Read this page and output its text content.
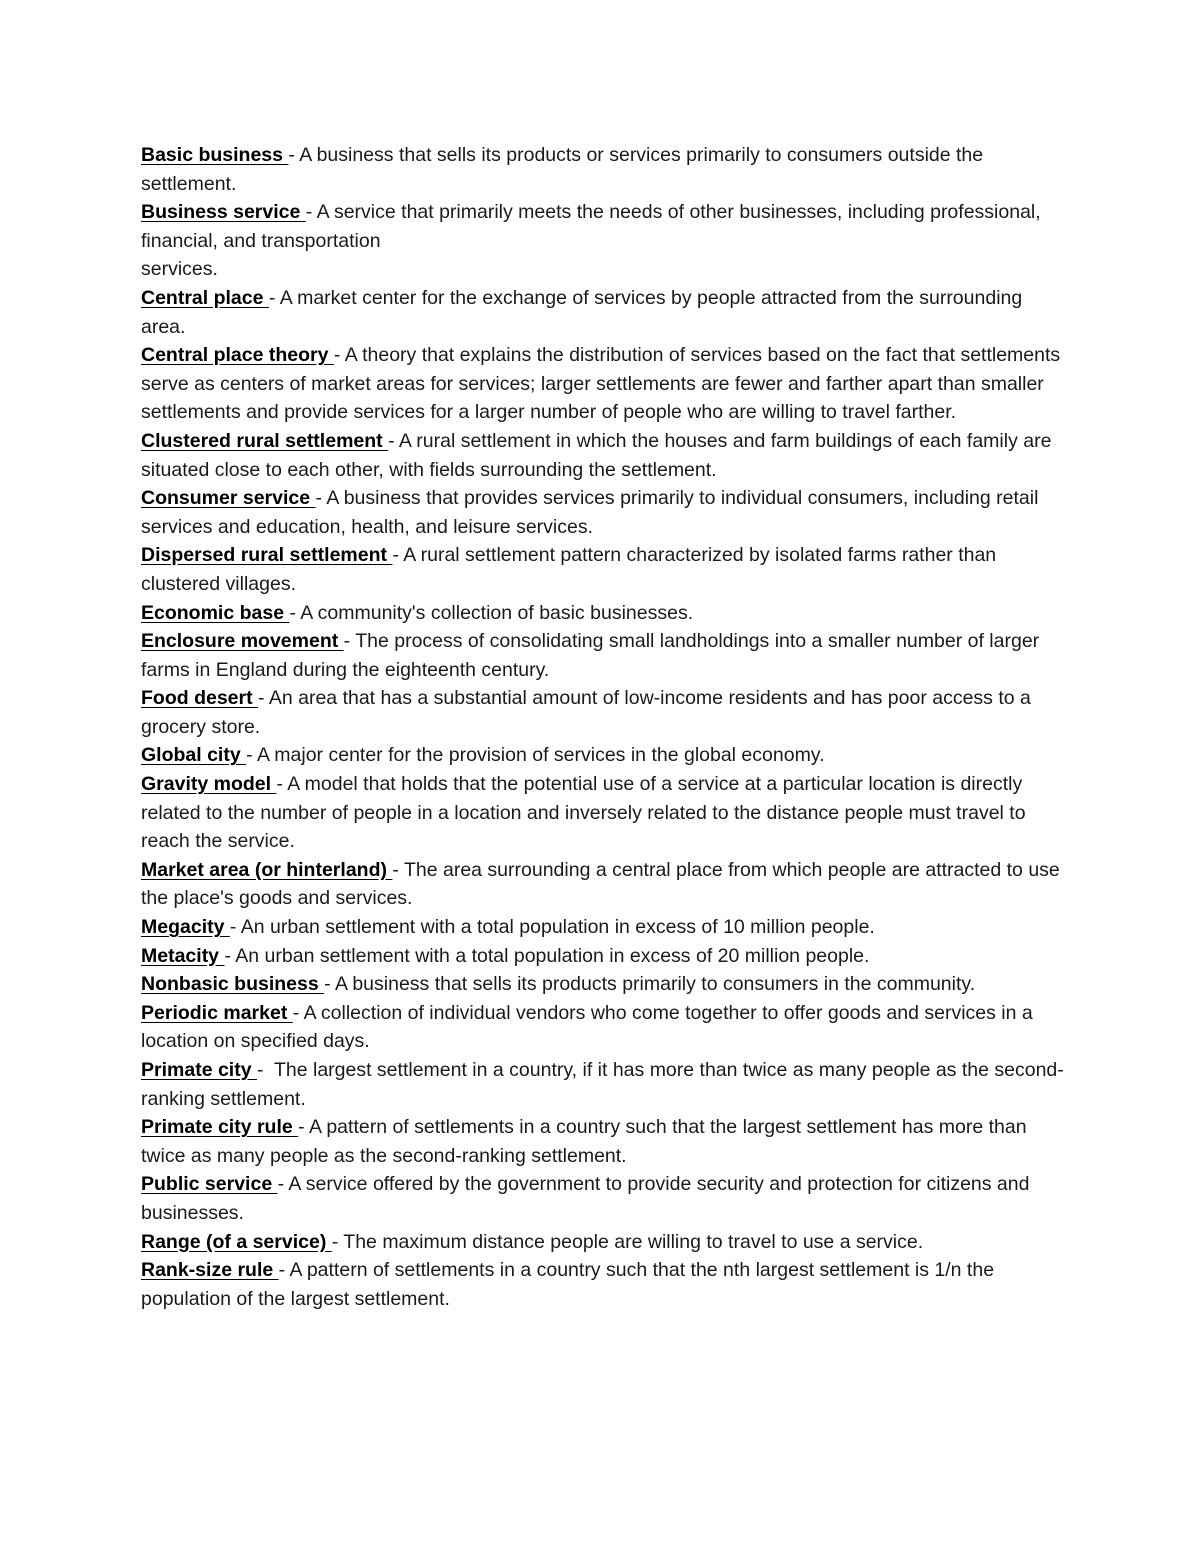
Basic business - A business that sells its products or services primarily to consumers outside the settlement.

Business service - A service that primarily meets the needs of other businesses, including professional, financial, and transportation
services.

Central place - A market center for the exchange of services by people attracted from the surrounding area.

Central place theory - A theory that explains the distribution of services based on the fact that settlements serve as centers of market areas for services; larger settlements are fewer and farther apart than smaller settlements and provide services for a larger number of people who are willing to travel farther.

Clustered rural settlement - A rural settlement in which the houses and farm buildings of each family are situated close to each other, with fields surrounding the settlement.

Consumer service - A business that provides services primarily to individual consumers, including retail services and education, health, and leisure services.

Dispersed rural settlement - A rural settlement pattern characterized by isolated farms rather than clustered villages.

Economic base - A community's collection of basic businesses.

Enclosure movement - The process of consolidating small landholdings into a smaller number of larger farms in England during the eighteenth century.

Food desert - An area that has a substantial amount of low-income residents and has poor access to a grocery store.

Global city - A major center for the provision of services in the global economy.

Gravity model - A model that holds that the potential use of a service at a particular location is directly related to the number of people in a location and inversely related to the distance people must travel to reach the service.

Market area (or hinterland) - The area surrounding a central place from which people are attracted to use the place's goods and services.

Megacity - An urban settlement with a total population in excess of 10 million people.

Metacity - An urban settlement with a total population in excess of 20 million people.

Nonbasic business - A business that sells its products primarily to consumers in the community.

Periodic market - A collection of individual vendors who come together to offer goods and services in a location on specified days.

Primate city -  The largest settlement in a country, if it has more than twice as many people as the second-ranking settlement.

Primate city rule - A pattern of settlements in a country such that the largest settlement has more than twice as many people as the second-ranking settlement.

Public service - A service offered by the government to provide security and protection for citizens and businesses.

Range (of a service) - The maximum distance people are willing to travel to use a service.

Rank-size rule - A pattern of settlements in a country such that the nth largest settlement is 1/n the population of the largest settlement.
